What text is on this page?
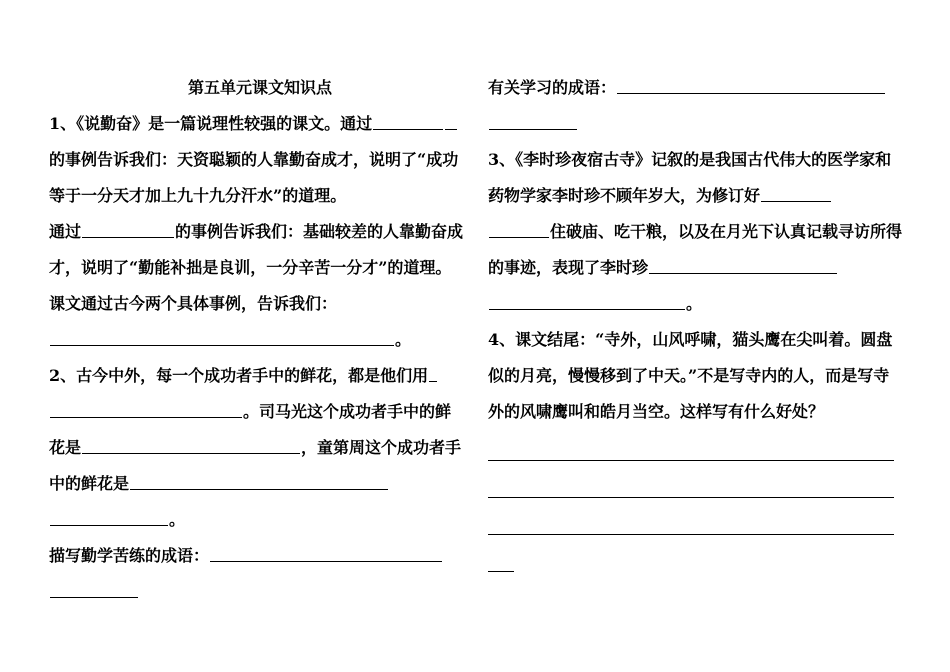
第五单元课文知识点

1、《说勤奋》是一篇说理性较强的课文。通过的事例告诉我们：天资聪颖的人靠勤奋成才，说明了“成功等于一分天才加上九十九分汗水”的道理。
通过	的事例告诉我们：基础较差的人靠勤奋成才，说明了“勤能补拙是良训，一分辛苦一分才”的道理。课文通过古今两个具体事例，告诉我们：
。

2、古今中外，每一个成功者手中的鲜花，都是他们用
。司马光这个成功者手中的鲜花是	，童第周这个成功者手中的鲜花是
。

描写勤学苦练的成语：

有关学习的成语：

3、《李时珍夜宿古寺》记叙的是我国古代伟大的医学家和药物学家李时珍不顾年岁大，为修订好
住破庙、吃干粮，以及在月光下认真记载寻访所得的事迹，表现了李时珍
。

4、课文结尾：“寺外，山风呼啸，猫头鹰在尖叫着。圆盘似的月亮，慢慢移到了中天。”不是写寺内的人，而是写寺外的风啸鹰叫和皓月当空。这样写有什么好处？
